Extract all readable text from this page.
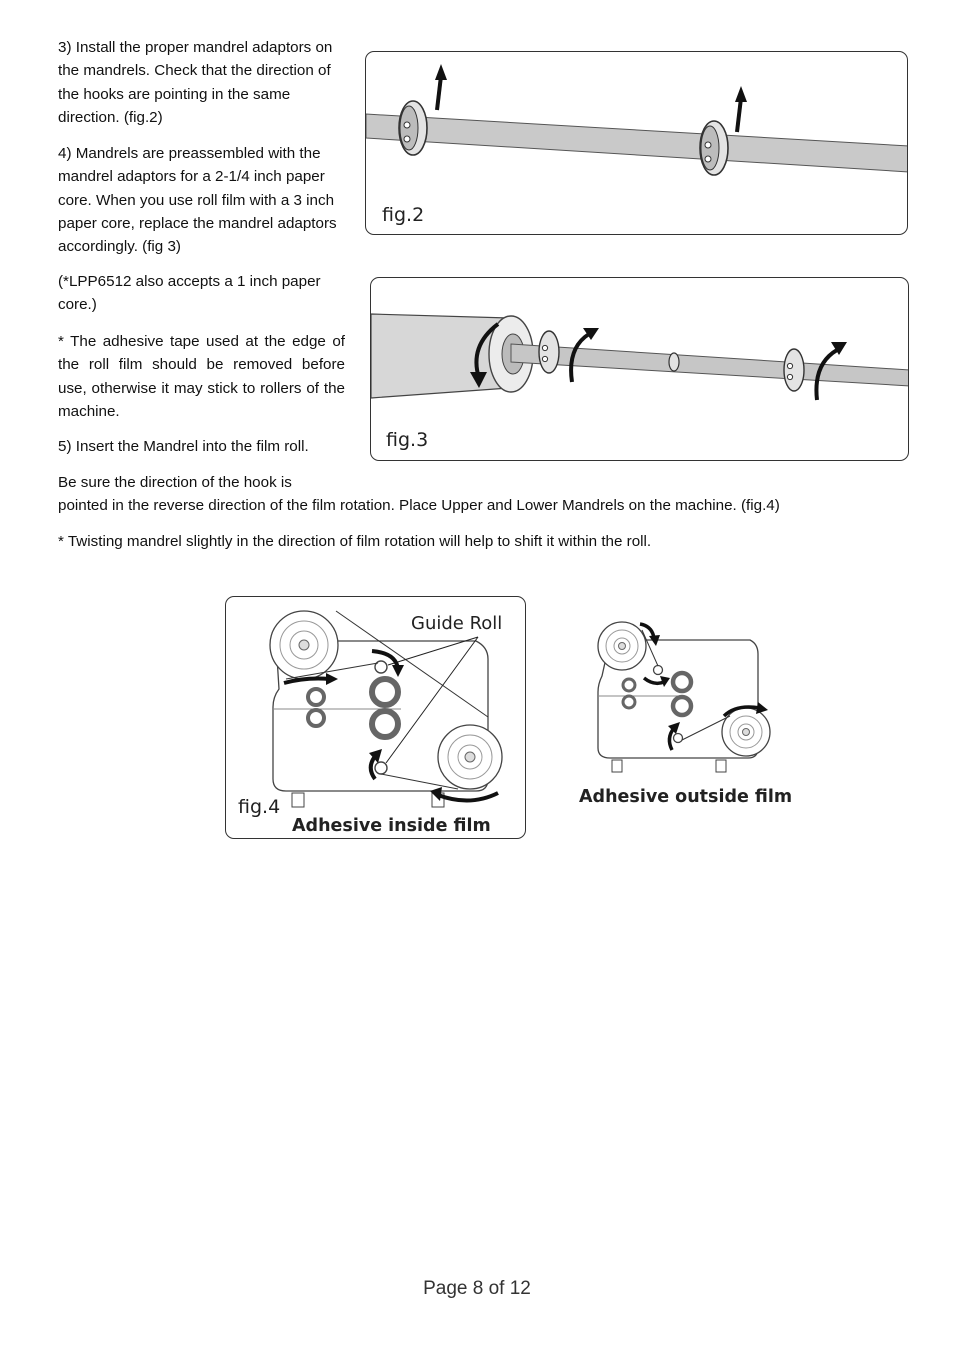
3) Install the proper mandrel adaptors on the mandrels. Check that the direction of the hooks are pointing in the same direction. (fig.2)

4) Mandrels are preassembled with the mandrel adaptors for a 2-1/4 inch paper core. When you use roll film with a 3 inch paper core, replace the mandrel adaptors accordingly. (fig 3)

(*LPP6512 also accepts a 1 inch paper core.)

* The adhesive tape used at the edge of the roll film should be removed before use, otherwise it may stick to rollers of the machine.

5) Insert the Mandrel into the film roll.

Be sure the direction of the hook is

pointed in the reverse direction of the film rotation. Place Upper and Lower Mandrels on the machine. (fig.4)

* Twisting mandrel slightly in the direction of film rotation will help to shift it within the roll.

fig.2
fig.3
Guide Roll
fig.4
Adhesive inside film
Adhesive outside film
Page 8 of 12
